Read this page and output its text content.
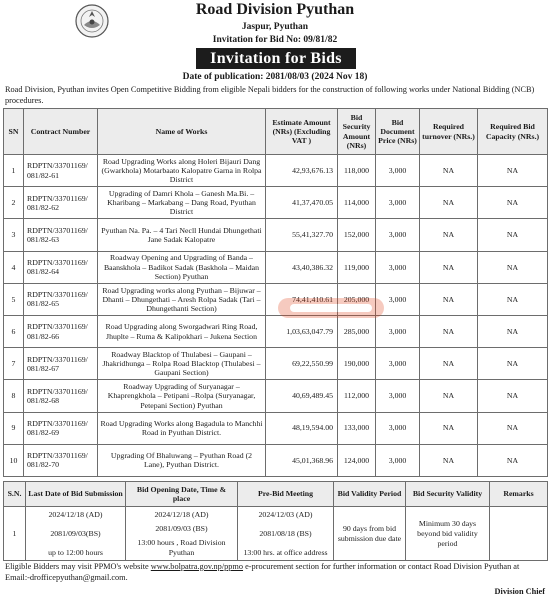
Road Division Pyuthan
Jaspur, Pyuthan
Invitation for Bid No: 09/81/82
Invitation for Bids
Date of publication: 2081/08/03 (2024 Nov 18)
Road Division, Pyuthan invites Open Competitive Bidding from eligible Nepali bidders for the construction of following works under National Bidding (NCB) procedures.
SN	Contract Number	Name of Works	Estimate Amount (NRs) (Excluding VAT )	Bid Security Amount (NRs)	Bid Document Price (NRs)	Required turnover (NRs.)	Required Bid Capacity (NRs.)
1	RDPTN/33701169/ 081/82-61	Road Upgrading Works along Holeri Bijauri Dang (Gwarkhola) Motarbaato Kalopatre Garna in Rolpa District	42,93,676.13	118,000	3,000	NA	NA
2	RDPTN/33701169/ 081/82-62	Upgrading of Damri Khola – Ganesh Ma.Bi. – Kharibang – Markabang – Dang Road, Pyuthan District	41,37,470.05	114,000	3,000	NA	NA
3	RDPTN/33701169/ 081/82-63	Pyuthan Na. Pa. – 4 Tari Necll Hundai Dhungethati Jane Sadak Kalopatre	55,41,327.70	152,000	3,000	NA	NA
4	RDPTN/33701169/ 081/82-64	Roadway Opening and Upgrading of Banda –Baanskhola – Badikot Sadak (Baskhola – Maidan Section) Pyuthan	43,40,386.32	119,000	3,000	NA	NA
5	RDPTN/33701169/ 081/82-65	Road Upgrading works along Pyuthan – Bijuwar – Dhanti – Dhungethati – Aresh Rolpa Sadak (Tari – Dhungethanti Section)	74,41,410.61	205,000	3,000	NA	NA
6	RDPTN/33701169/ 081/82-66	Road Upgrading along Sworgadwari Ring Road, Jhuplte – Ruma & Kalipokhari – Jukena Section	1,03,63,047.79	285,000	3,000	NA	NA
7	RDPTN/33701169/ 081/82-67	Roadway Blacktop of Thulabesi – Gaupani – Jhakridhunga – Rolpa Road Blacktop (Thulabesi – Gaupani Section)	69,22,550.99	190,000	3,000	NA	NA
8	RDPTN/33701169/ 081/82-68	Roadway Upgrading of Suryanagar – Khaprengkhola – Petipani –Rolpa (Suryanagar, Petepani Section) Pyuthan	40,69,489.45	112,000	3,000	NA	NA
9	RDPTN/33701169/ 081/82-69	Road Upgrading Works along Bagadula to Manchhi Road in Pyuthan District.	48,19,594.00	133,000	3,000	NA	NA
10	RDPTN/33701169/ 081/82-70	Upgrading Of Bhaluwang – Pyuthan Road (2 Lane), Pyuthan District.	45,01,368.96	124,000	3,000	NA	NA
S.N.	Last Date of Bid Submission	Bid Opening Date, Time & place	Pre-Bid Meeting	Bid Validity Period	Bid Security Validity	Remarks
1	2024/12/18 (AD)
2081/09/03(BS)
up to 12:00 hours	2024/12/18 (AD)
2081/09/03 (BS)
13:00 hours , Road Division Pyuthan	2024/12/03 (AD)
2081/08/18 (BS)
13:00 hrs. at office address	90 days from bid submission due date	Minimum 30 days beyond bid validity period	
Eligible Bidders may visit PPMO's website www.bolpatra.gov.np/ppmo e-procurement section for further information or contact Road Division Pyuthan at Email:-drofficepyuthan@gmail.com.
Division Chief
